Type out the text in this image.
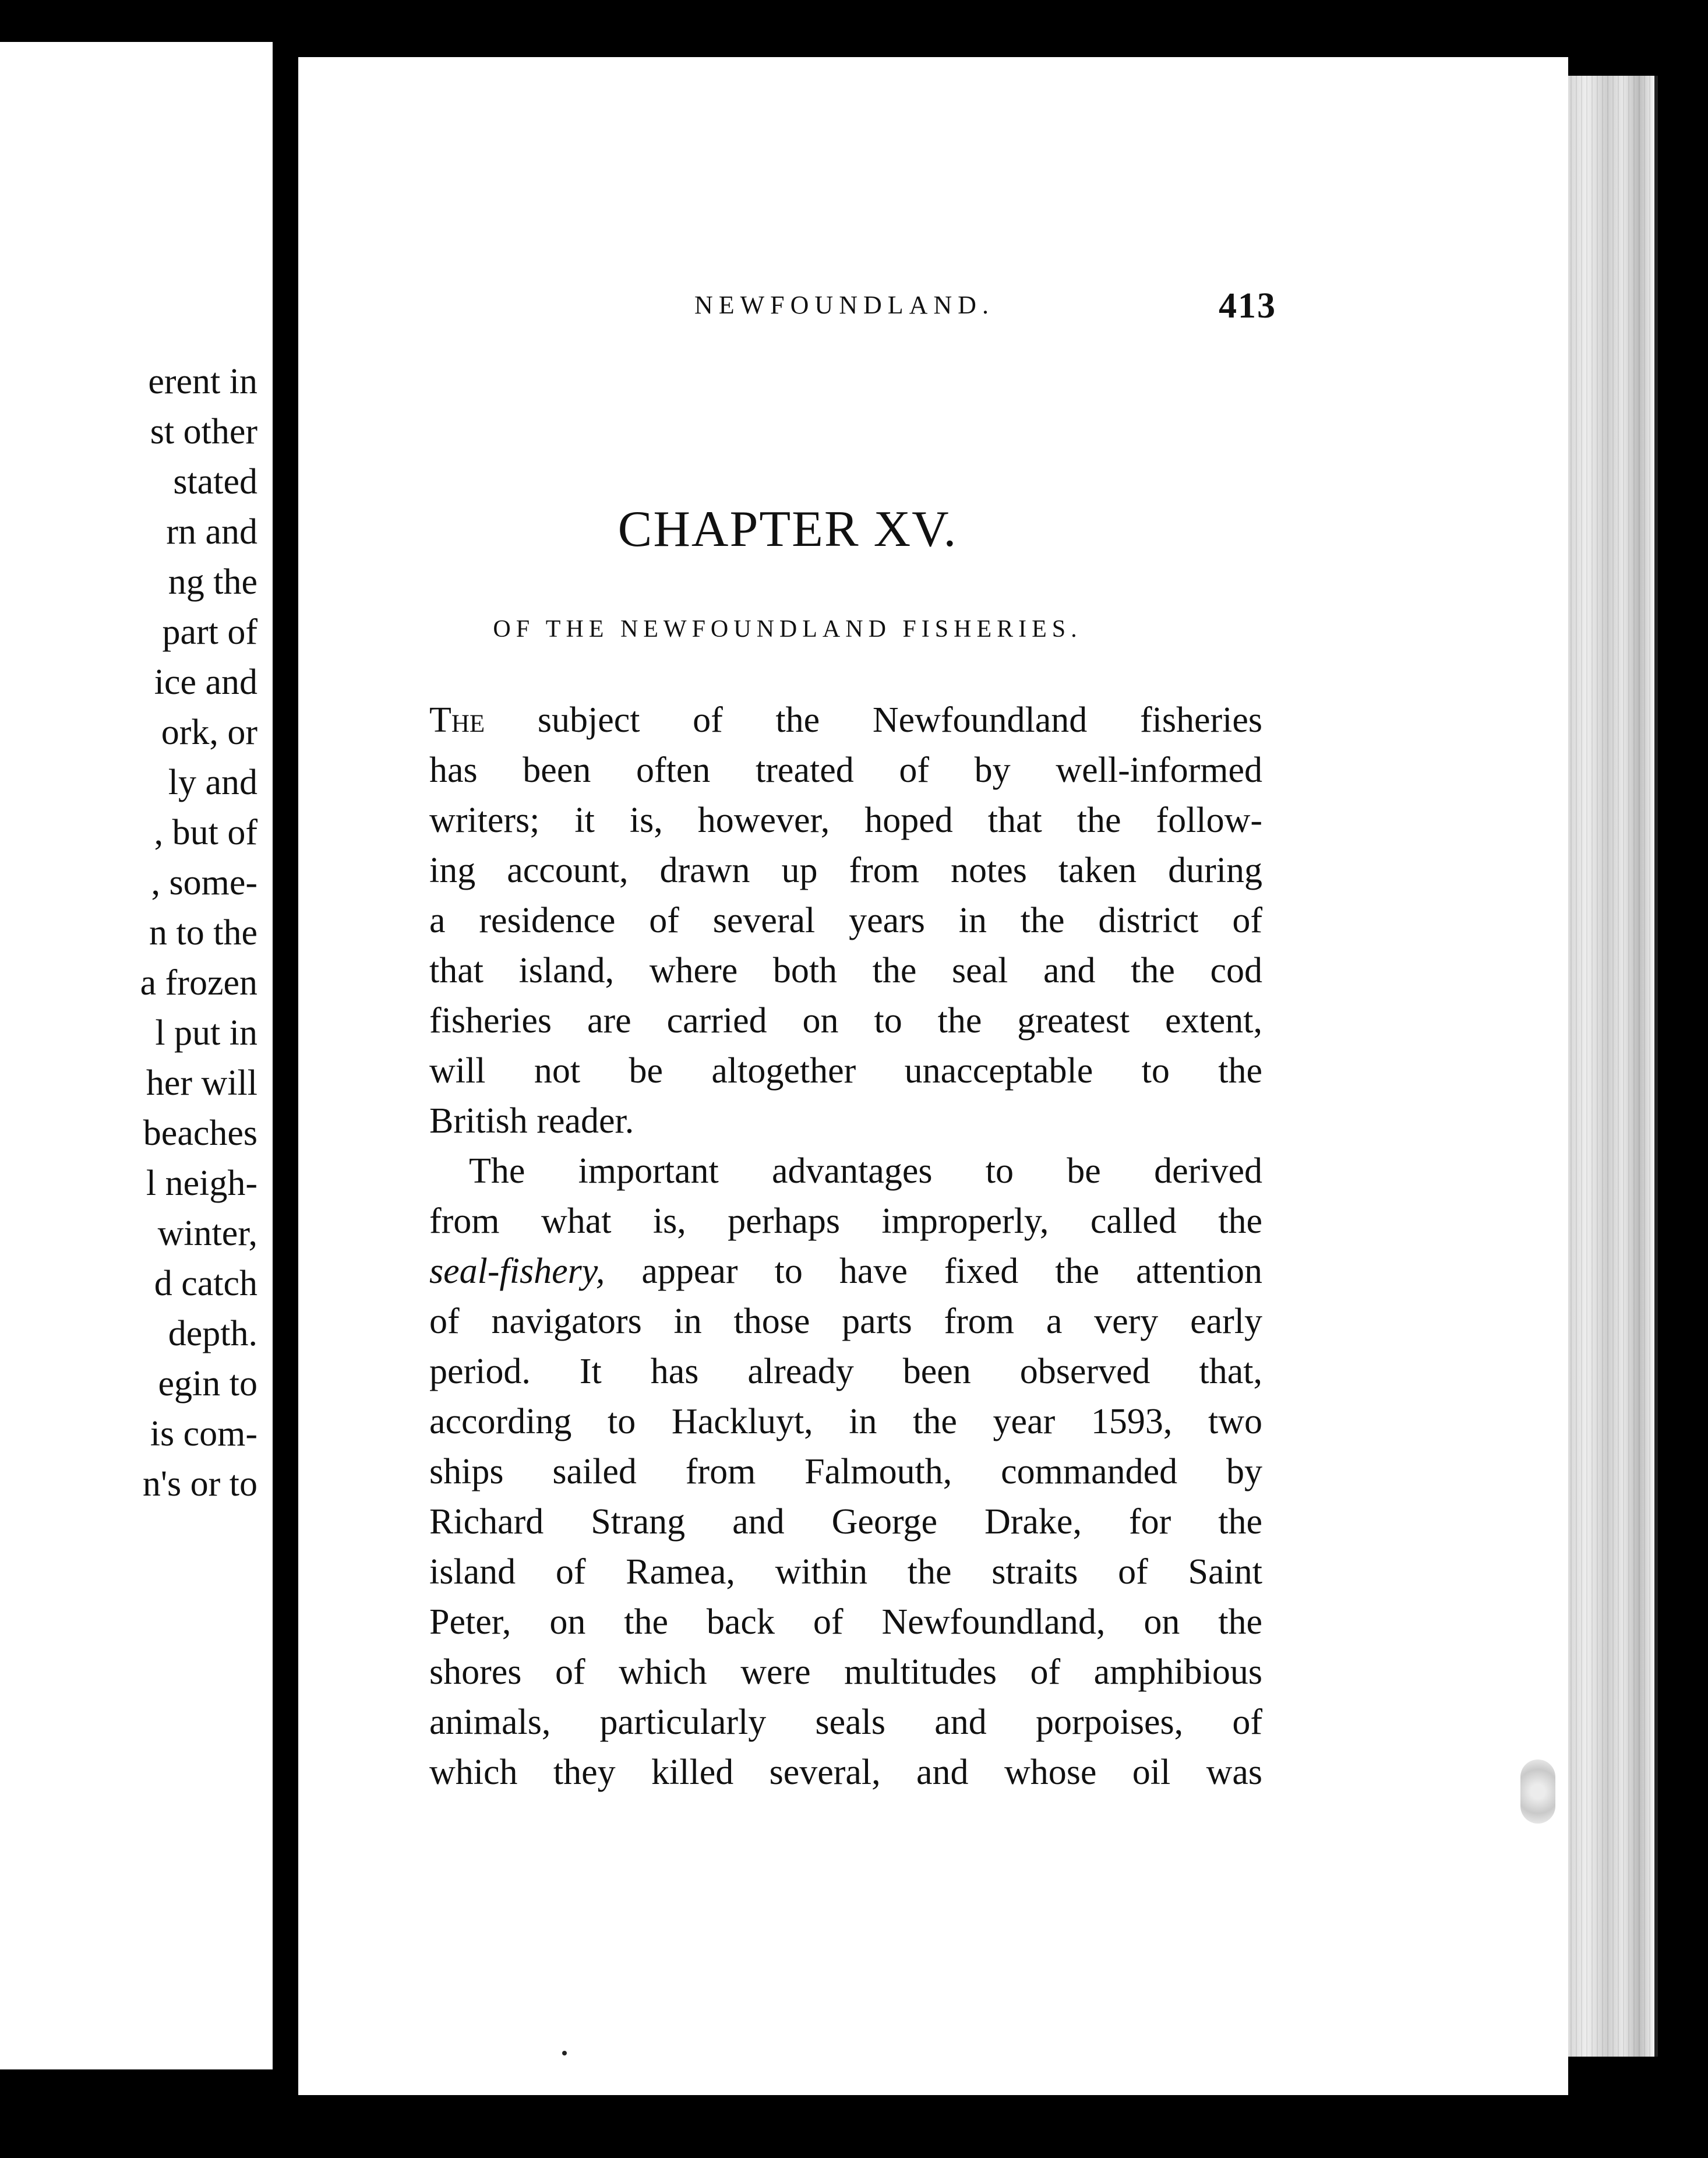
erent in
st other
stated
rn and
ng the
part of
ice and
ork, or
ly and
, but of
, some-
n to the
a frozen
l put in
her will
beaches
l neigh-
winter,
d catch
depth.
egin to
is com-
n's or to
NEWFOUNDLAND.	413
CHAPTER XV.
OF THE NEWFOUNDLAND FISHERIES.
The subject of the Newfoundland fisheries
has been often treated of by well-informed
writers; it is, however, hoped that the follow-
ing account, drawn up from notes taken during
a residence of several years in the district of
that island, where both the seal and the cod
fisheries are carried on to the greatest extent,
will not be altogether unacceptable to the
British reader.
The important advantages to be derived
from what is, perhaps improperly, called the
seal-fishery, appear to have fixed the attention
of navigators in those parts from a very early
period. It has already been observed that,
according to Hackluyt, in the year 1593, two
ships sailed from Falmouth, commanded by
Richard Strang and George Drake, for the
island of Ramea, within the straits of Saint
Peter, on the back of Newfoundland, on the
shores of which were multitudes of amphibious
animals, particularly seals and porpoises, of
which they killed several, and whose oil was
